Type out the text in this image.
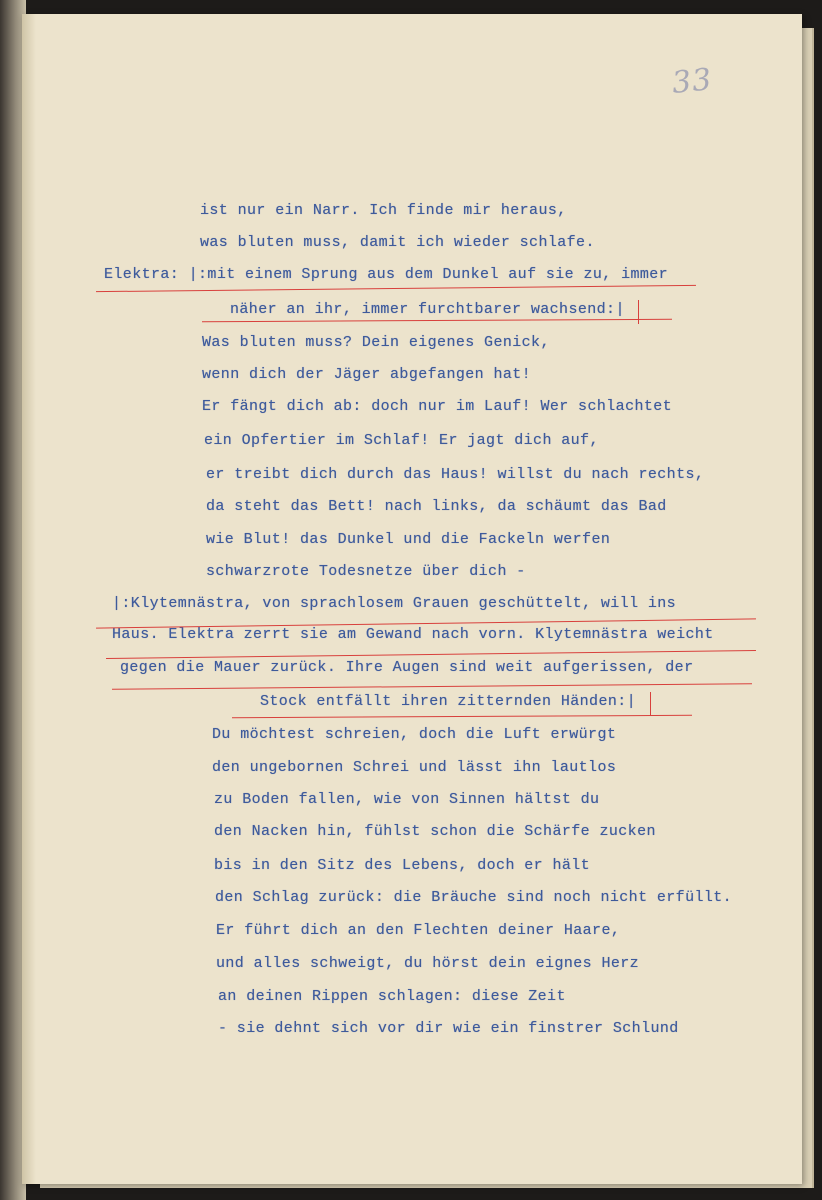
33
ist nur ein Narr. Ich finde mir heraus,
was bluten muss, damit ich wieder schlafe.
Elektra: |:mit einem Sprung aus dem Dunkel auf sie zu, immer
näher an ihr, immer furchtbarer wachsend:|
Was bluten muss? Dein eigenes Genick,
wenn dich der Jäger abgefangen hat!
Er fängt dich ab: doch nur im Lauf! Wer schlachtet
ein Opfertier im Schlaf! Er jagt dich auf,
er treibt dich durch das Haus! willst du nach rechts,
da steht das Bett! nach links, da schäumt das Bad
wie Blut! das Dunkel und die Fackeln werfen
schwarzrote Todesnetze über dich -
|:Klytemnästra, von sprachlosem Grauen geschüttelt, will ins
Haus. Elektra zerrt sie am Gewand nach vorn. Klytemnästra weicht
gegen die Mauer zurück. Ihre Augen sind weit aufgerissen, der
Stock entfällt ihren zitternden Händen:|
Du möchtest schreien, doch die Luft erwürgt
den ungebornen Schrei und lässt ihn lautlos
zu Boden fallen, wie von Sinnen hältst du
den Nacken hin, fühlst schon die Schärfe zucken
bis in den Sitz des Lebens, doch er hält
den Schlag zurück: die Bräuche sind noch nicht erfüllt.
Er führt dich an den Flechten deiner Haare,
und alles schweigt, du hörst dein eignes Herz
an deinen Rippen schlagen: diese Zeit
- sie dehnt sich vor dir wie ein finstrer Schlund
